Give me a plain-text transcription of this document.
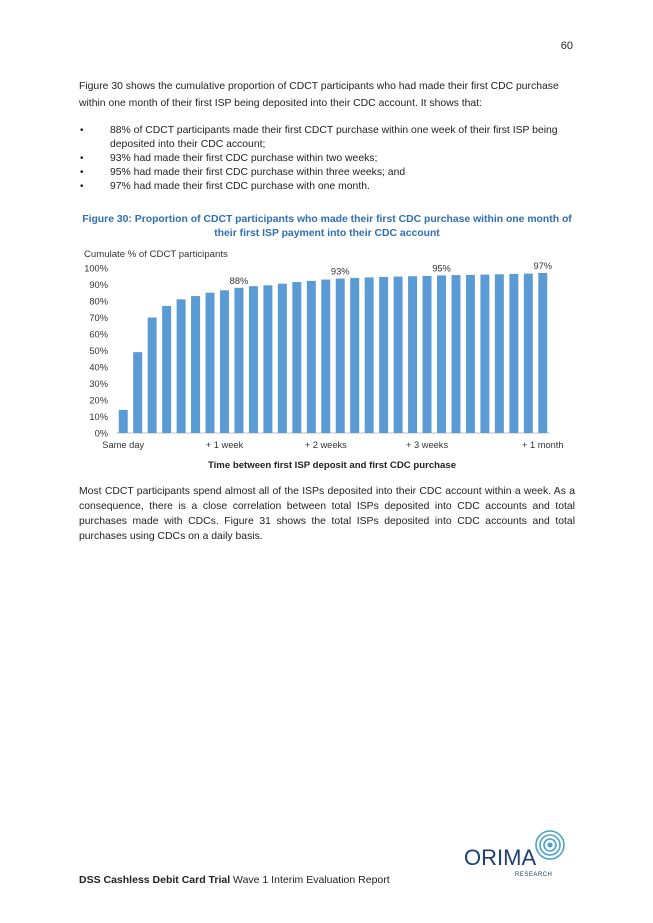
60

Figure 30 shows the cumulative proportion of CDCT participants who had made their first CDC purchase within one month of their first ISP being deposited into their CDC account. It shows that:

•	88% of CDCT participants made their first CDCT purchase within one week of their first ISP being deposited into their CDC account;
•	93% had made their first CDC purchase within two weeks;
•	95% had made their first CDC purchase within three weeks; and
•	97% had made their first CDC purchase with one month.

Figure 30: Proportion of CDCT participants who made their first CDC purchase within one month of
their first ISP payment into their CDC account

Cumulate % of CDCT participants
0%
10%
20%
30%
40%
50%
60%
70%
80%
90%
100%
88%
93%	95%	97%
Same day	+ 1 week	+ 2 weeks	+ 3 weeks	+ 1 month
Time between first ISP deposit and first CDC purchase

Most CDCT participants spend almost all of the ISPs deposited into their CDC account within a week. As a consequence, there is a close correlation between total ISPs deposited into CDC accounts and total purchases made with CDCs. Figure 31 shows the total ISPs deposited into CDC accounts and total purchases using CDCs on a daily basis.

ORIMA
RESEARCH
DSS Cashless Debit Card Trial Wave 1 Interim Evaluation Report
